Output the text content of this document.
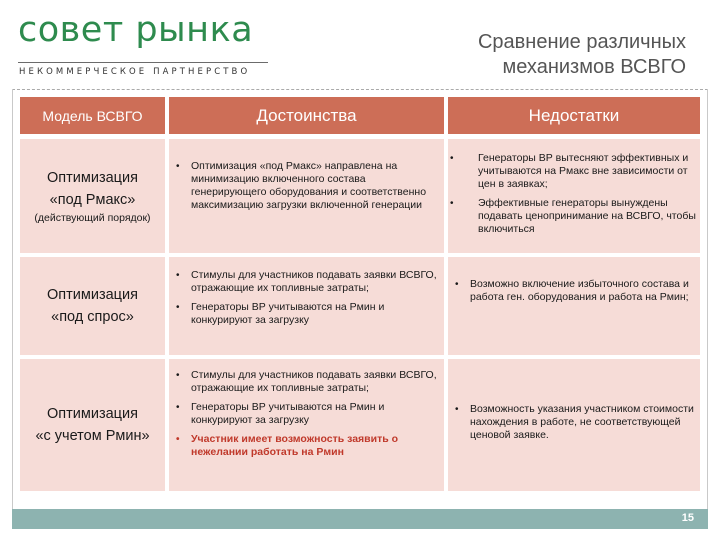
совет рынка
НЕКОММЕРЧЕСКОЕ ПАРТНЕРСТВО
Сравнение различных
механизмов ВСВГО
Модель ВСВГО	Достоинства	Недостатки
Оптимизация
«под Рмакс»
(действующий порядок)
• Оптимизация «под Рмакс» направлена на минимизацию включенного состава генерирующего оборудования и соответственно максимизацию загрузки включенной генерации
• Генераторы ВР вытесняют эффективных и учитываются на Рмакс вне зависимости от цен в заявках;
• Эффективные генераторы вынуждены подавать ценопринимание на ВСВГО, чтобы включиться
Оптимизация
«под спрос»
• Стимулы для участников подавать заявки ВСВГО, отражающие их топливные затраты;
• Генераторы ВР учитываются на Рмин и конкурируют за загрузку
• Возможно включение избыточного состава и работа ген. оборудования и работа на Рмин;
Оптимизация
«с учетом Рмин»
• Стимулы для участников подавать заявки ВСВГО, отражающие их топливные затраты;
• Генераторы ВР учитываются на Рмин и конкурируют за загрузку
• Участник имеет возможность заявить о нежелании работать на Рмин
• Возможность указания участником стоимости нахождения в работе, не соответствующей ценовой заявке.
15
